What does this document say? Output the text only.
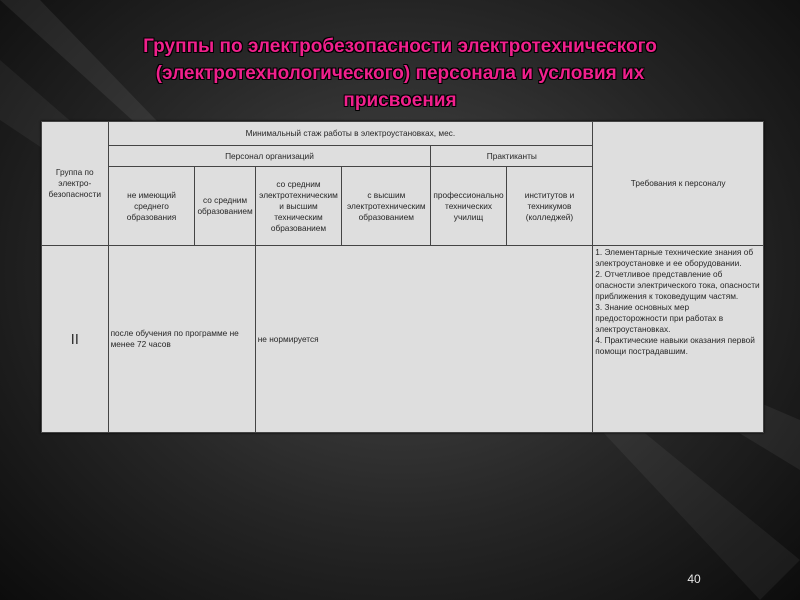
Группы по электробезопасности электротехнического
(электротехнологического) персонала и условия их
присвоения
Группа по электро-безопасности	Минимальный стаж работы в электроустановках, мес.						Требования к персоналу
	Персонал организаций				Практиканты		
	не имеющий среднего образования	со средним образованием	со средним электротехническим и высшим техническим образованием	с высшим электротехническим образованием	профессионально технических училищ	институтов и техникумов (колледжей)	
II	после обучения по программе не менее 72 часов		не нормируется				1. Элементарные технические знания об электроустановке и ее оборудовании.
2. Отчетливое представление об опасности электрического тока, опасности приближения к токоведущим частям.
3. Знание основных мер предосторожности при работах в электроустановках.
4. Практические навыки оказания первой помощи пострадавшим.
40
